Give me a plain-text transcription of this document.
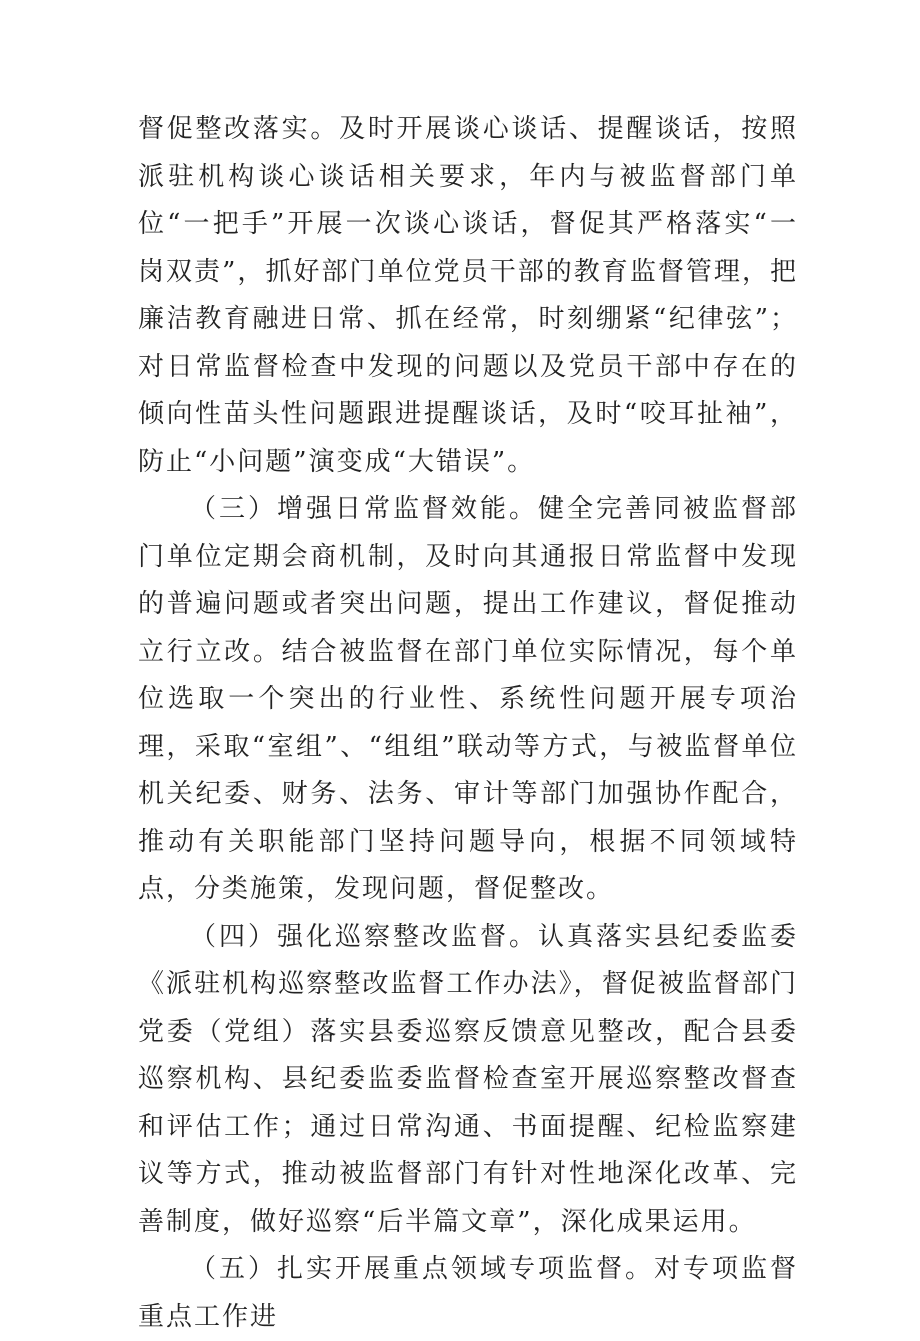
督促整改落实。及时开展谈心谈话、提醒谈话，按照派驻机构谈心谈话相关要求，年内与被监督部门单位“一把手”开展一次谈心谈话，督促其严格落实“一岗双责”，抓好部门单位党员干部的教育监督管理，把廉洁教育融进日常、抓在经常，时刻绷紧“纪律弦”；对日常监督检查中发现的问题以及党员干部中存在的倾向性苗头性问题跟进提醒谈话，及时“咬耳扯袖”，防止“小问题”演变成“大错误”。

（三）增强日常监督效能。健全完善同被监督部门单位定期会商机制，及时向其通报日常监督中发现的普遍问题或者突出问题，提出工作建议，督促推动立行立改。结合被监督在部门单位实际情况，每个单位选取一个突出的行业性、系统性问题开展专项治理，采取“室组”、“组组”联动等方式，与被监督单位机关纪委、财务、法务、审计等部门加强协作配合，推动有关职能部门坚持问题导向，根据不同领域特点，分类施策，发现问题，督促整改。

（四）强化巡察整改监督。认真落实县纪委监委《派驻机构巡察整改监督工作办法》，督促被监督部门党委（党组）落实县委巡察反馈意见整改，配合县委巡察机构、县纪委监委监督检查室开展巡察整改督查和评估工作；通过日常沟通、书面提醒、纪检监察建议等方式，推动被监督部门有针对性地深化改革、完善制度，做好巡察“后半篇文章”，深化成果运用。

（五）扎实开展重点领域专项监督。对专项监督重点工作进
